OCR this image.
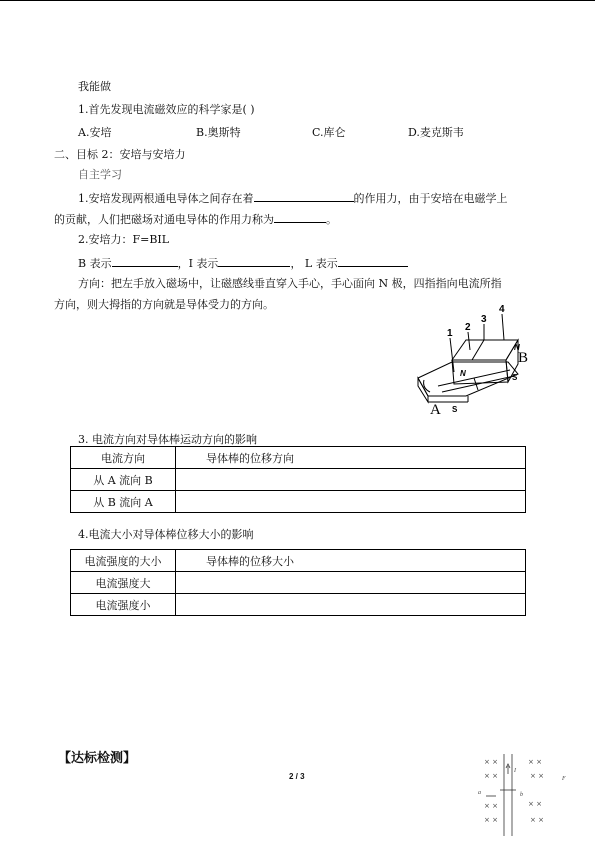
我能做
1.首先发现电流磁效应的科学家是( )
A.安培	B.奥斯特	C.库仑	D.麦克斯韦
二、目标 2：安培与安培力
自主学习
1.安培发现两根通电导体之间存在着	的作用力，由于安培在电磁学上
的贡献，人们把磁场对通电导体的作用力称为	。
2.安培力：F=BIL
B 表示	，I 表示	， L 表示
方向：把左手放入磁场中，让磁感线垂直穿入手心，手心面向 N 极，四指指向电流所指
方向，则大拇指的方向就是导体受力的方向。
1
2
3
4
N
N	S
S
B
A
3. 电流方向对导体棒运动方向的影响
电流方向	导体棒的位移方向
从 A 流向 B	
从 B 流向 A	
4.电流大小对导体棒位移大小的影响
电流强度的大小	导体棒的位移大小
电流强度大	
电流强度小	
【达标检测】
2 / 3
× ×	× ×
× ×	× ×
× ×	× ×
× ×	× ×
I
a	b
F
